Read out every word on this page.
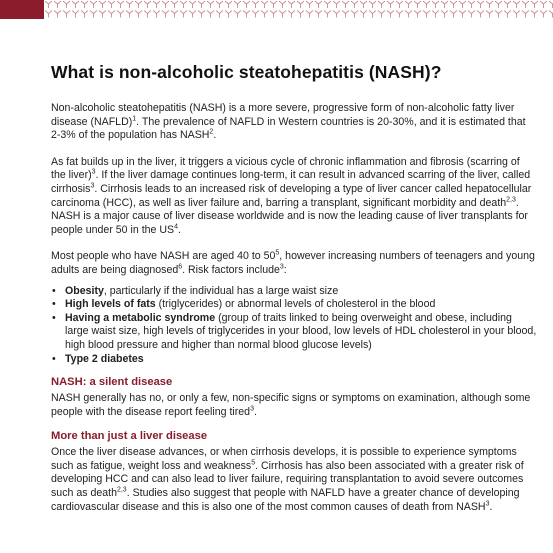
What is non-alcoholic steatohepatitis (NASH)?

Non-alcoholic steatohepatitis (NASH) is a more severe, progressive form of non-alcoholic fatty liver disease (NAFLD)$^1$. The prevalence of NAFLD in Western countries is 20-30%, and it is estimated that 2-3% of the population has NASH$^2$.

As fat builds up in the liver, it triggers a vicious cycle of chronic inflammation and fibrosis (scarring of the liver)$^3$. If the liver damage continues long-term, it can result in advanced scarring of the liver, called cirrhosis$^3$. Cirrhosis leads to an increased risk of developing a type of liver cancer called hepatocellular carcinoma (HCC), as well as liver failure and, barring a transplant, significant morbidity and death$^{2,3}$. NASH is a major cause of liver disease worldwide and is now the leading cause of liver transplants for people under 50 in the $US^4$.

Most people who have NASH are aged 40 to $50^5$, however increasing numbers of teenagers and young adults are being diagnosed$^6$. Risk factors include$^3$:

• Obesity, particularly if the individual has a large waist size
• High levels of fats (triglycerides) or abnormal levels of cholesterol in the blood
• Having a metabolic syndrome (group of traits linked to being overweight and obese, including large waist size, high levels of triglycerides in your blood, low levels of HDL cholesterol in your blood, high blood pressure and higher than normal blood glucose levels)
• Type 2 diabetes
NASH: a silent disease

NASH generally has no, or only a few, non-specific signs or symptoms on examination, although some people with the disease report feeling tired$^3$.

More than just a liver disease

Once the liver disease advances, or when cirrhosis develops, it is possible to experience symptoms such as fatigue, weight loss and weakness$^5$. Cirrhosis has also been associated with a greater risk of developing HCC and can also lead to liver failure, requiring transplantation to avoid severe outcomes such as death$^{2,3}$. Studies also suggest that people with NAFLD have a greater chance of developing cardiovascular disease and this is also one of the most common causes of death from NASH$^3$.
